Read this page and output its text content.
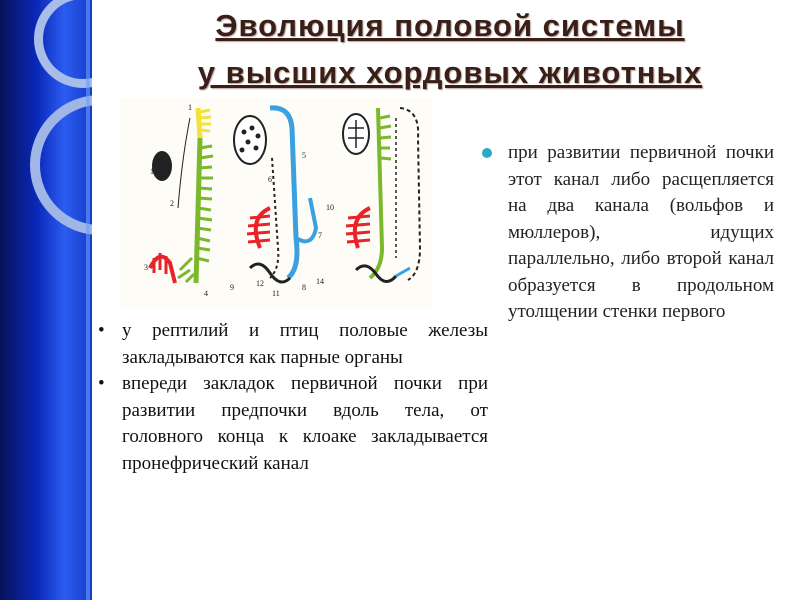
Эволюция половой системы
у высших хордовых животных
1
2
3
4
5
6
7
8
9
10
11
12
13
14
• у рептилий и птиц половые железы закладываются как парные органы
• впереди закладок первичной почки при развитии предпочки вдоль тела, от головного конца к клоаке закладывается пронефрический канал
при развитии первичной почки этот канал либо расщепляется на два канала (вольфов и мюллеров), идущих параллельно, либо второй канал образуется в продольном утолщении стенки первого
